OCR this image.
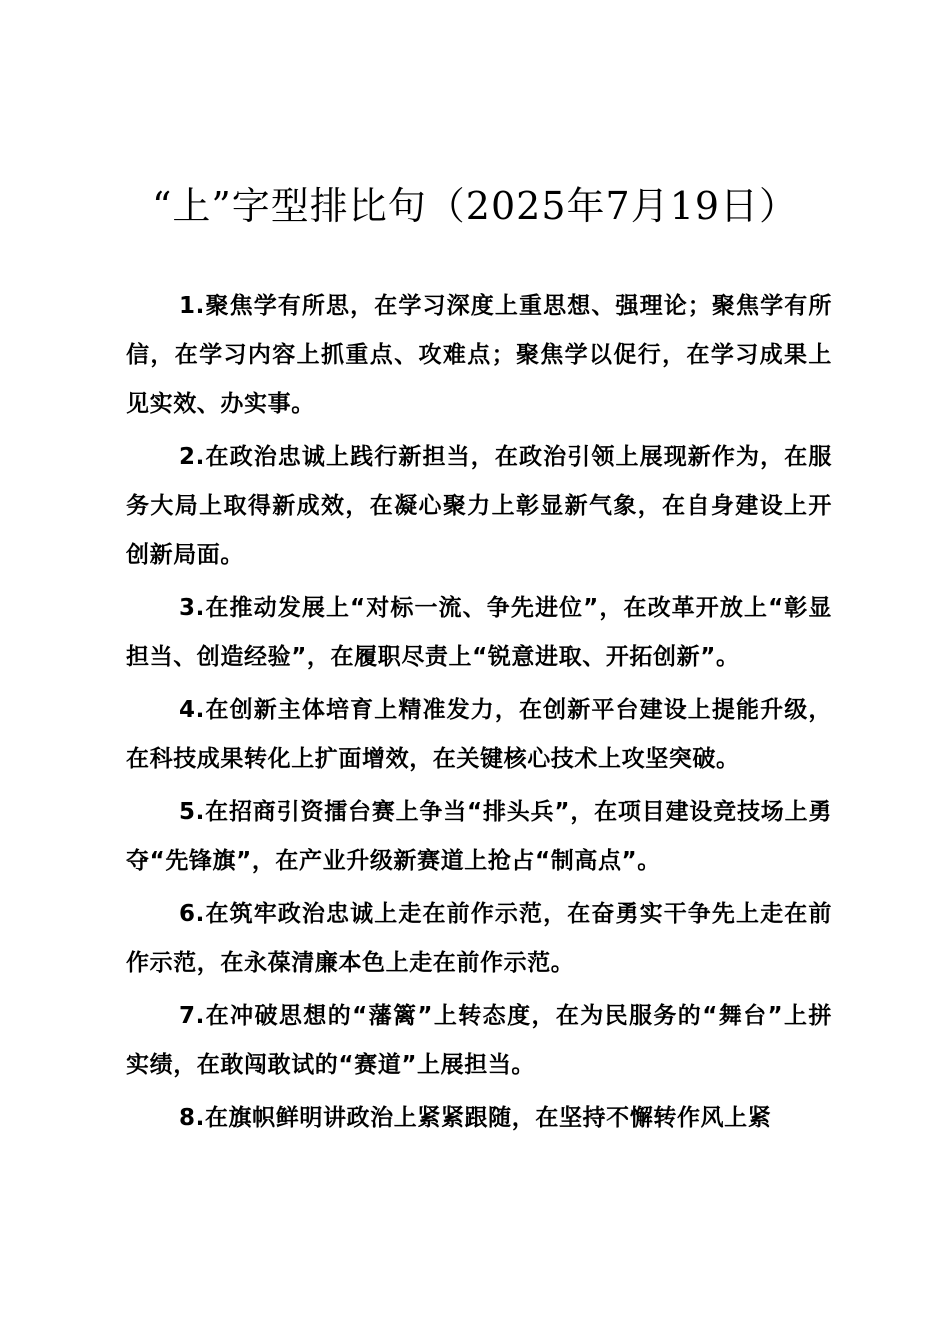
“上”字型排比句（2025年7月19日）

1.聚焦学有所思，在学习深度上重思想、强理论；聚焦学有所信，在学习内容上抓重点、攻难点；聚焦学以促行，在学习成果上见实效、办实事。

2.在政治忠诚上践行新担当，在政治引领上展现新作为，在服务大局上取得新成效，在凝心聚力上彰显新气象，在自身建设上开创新局面。

3.在推动发展上“对标一流、争先进位”，在改革开放上“彰显担当、创造经验”，在履职尽责上“锐意进取、开拓创新”。

4.在创新主体培育上精准发力，在创新平台建设上提能升级，在科技成果转化上扩面增效，在关键核心技术上攻坚突破。

5.在招商引资擂台赛上争当“排头兵”，在项目建设竞技场上勇夺“先锋旗”，在产业升级新赛道上抢占“制高点”。

6.在筑牢政治忠诚上走在前作示范，在奋勇实干争先上走在前作示范，在永葆清廉本色上走在前作示范。

7.在冲破思想的“藩篱”上转态度，在为民服务的“舞台”上拼实绩，在敢闯敢试的“赛道”上展担当。

8.在旗帜鲜明讲政治上紧紧跟随，在坚持不懈转作风上紧
